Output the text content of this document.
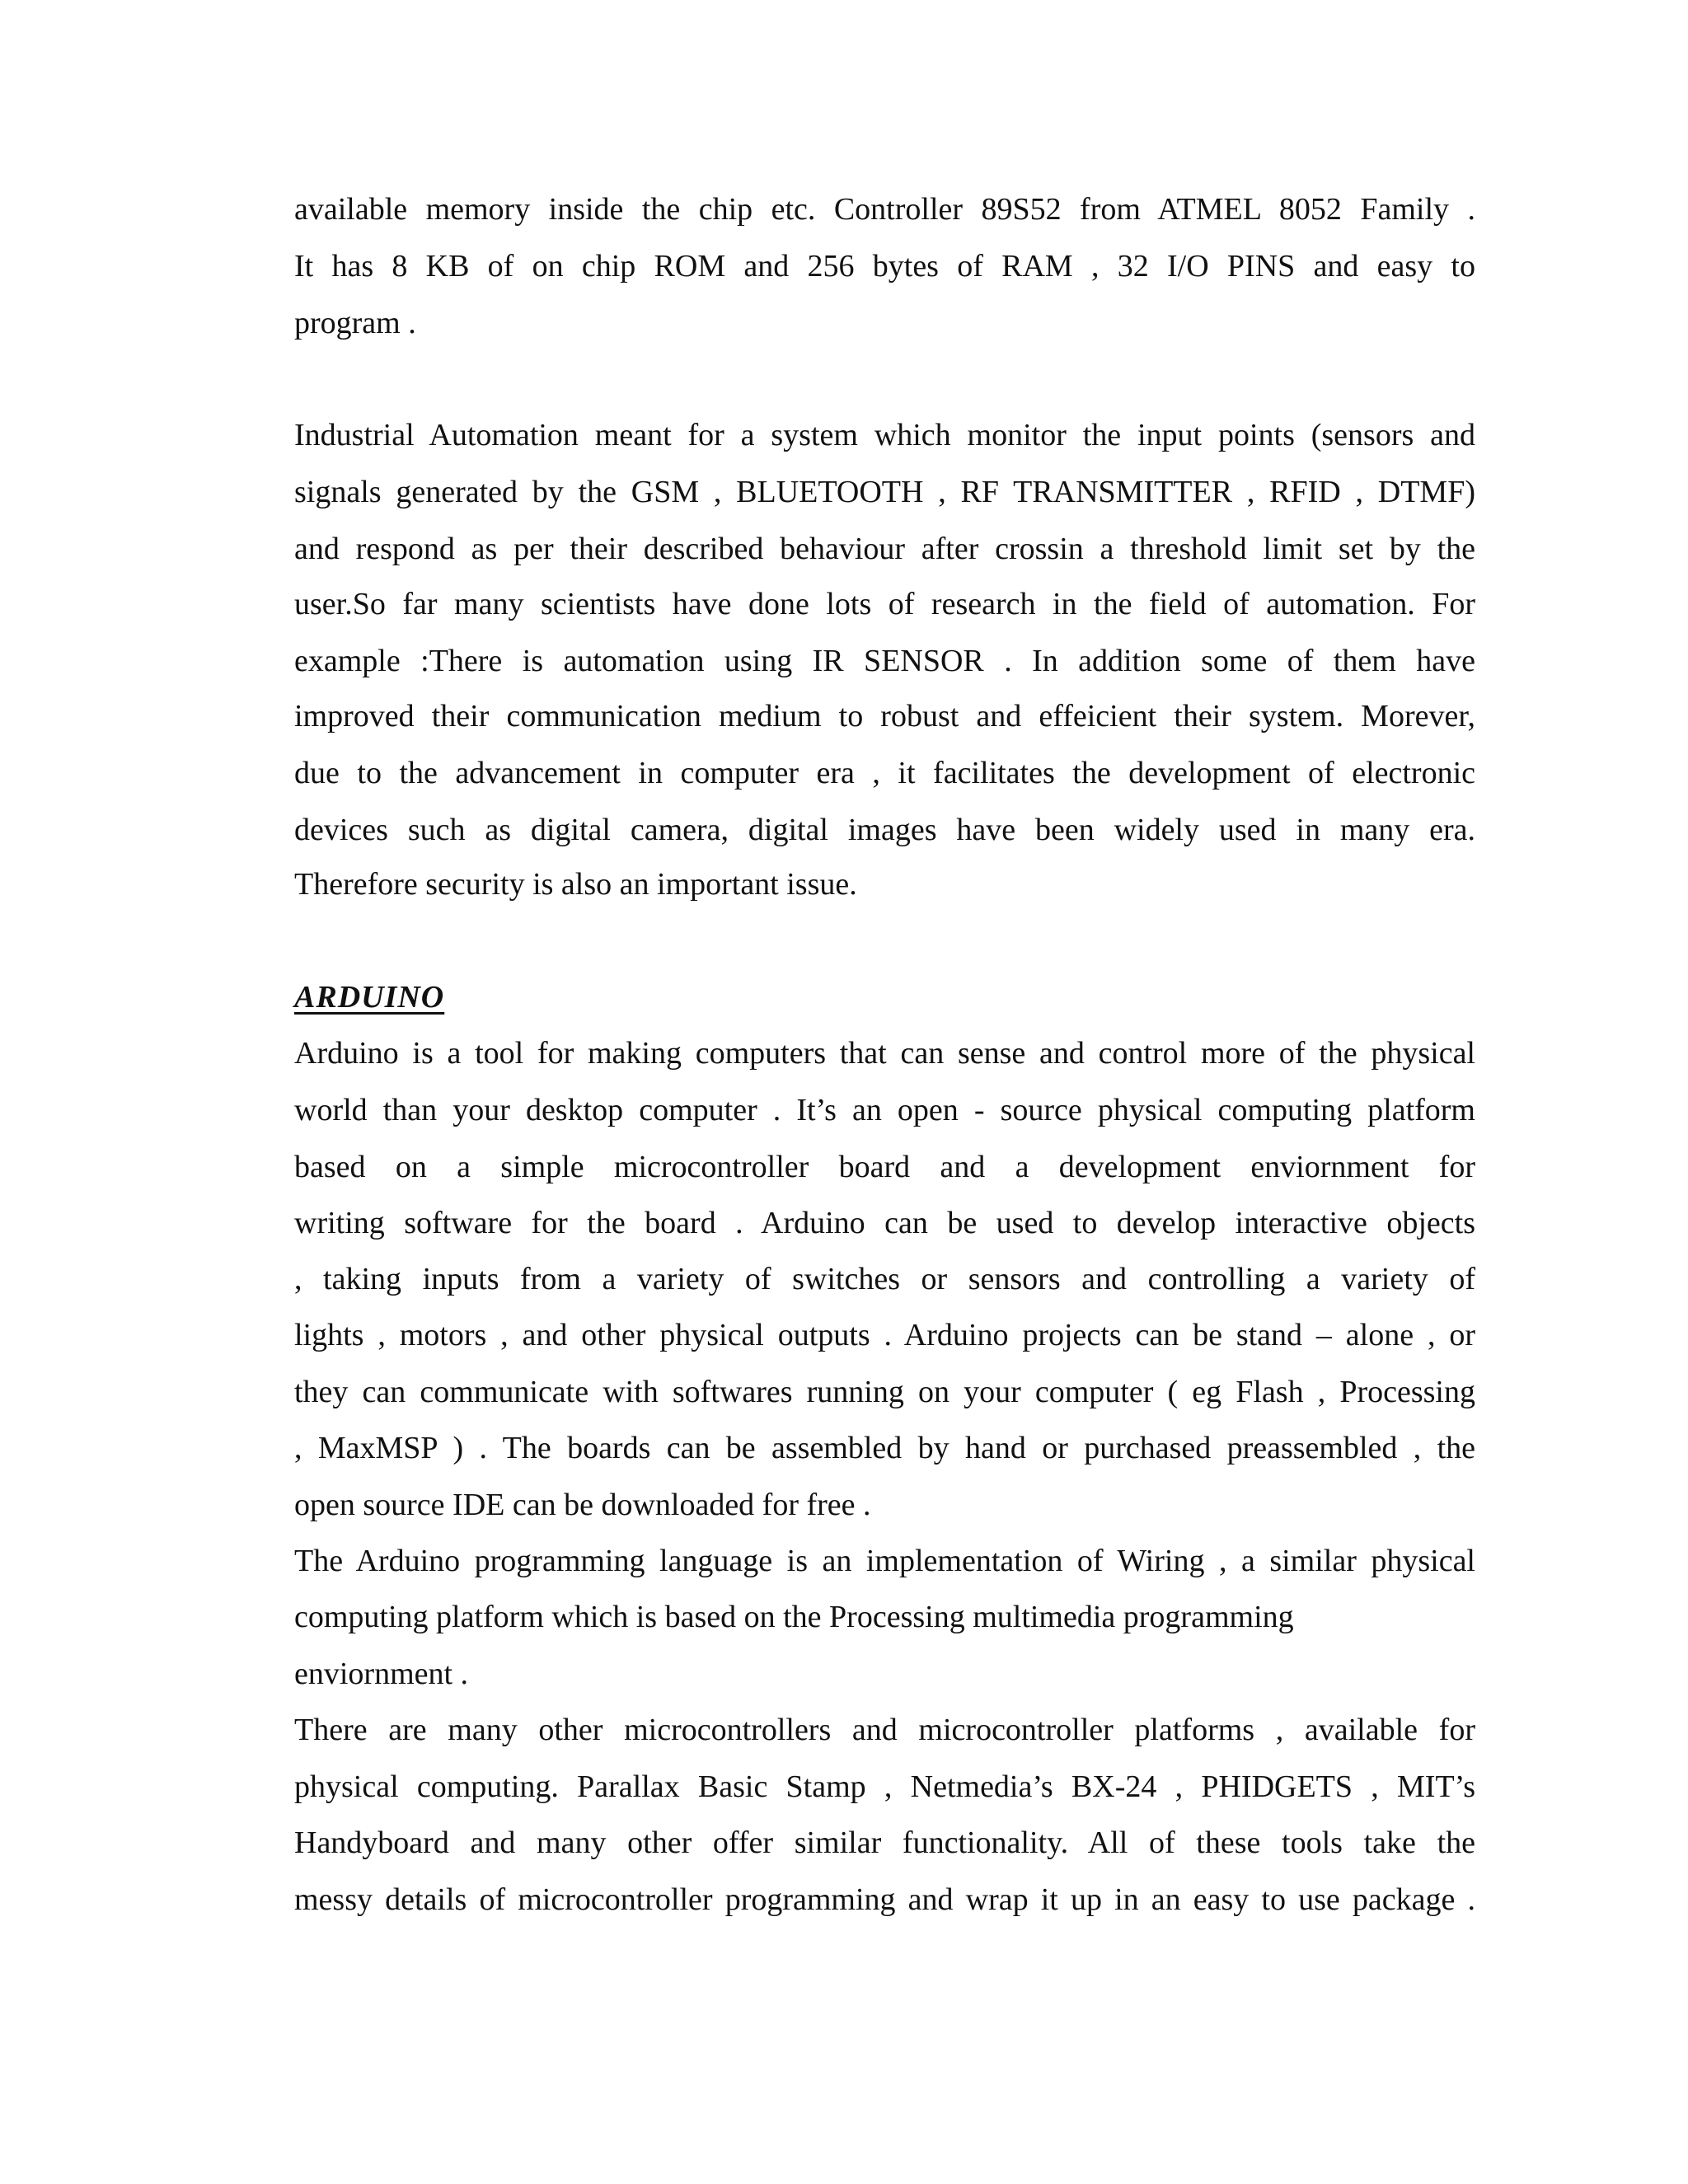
available memory inside the chip etc. Controller 89S52 from ATMEL 8052 Family .
It has 8 KB of on chip ROM and 256 bytes of RAM , 32 I/O PINS and easy to
program .
Industrial Automation meant for a system which monitor the input points (sensors and
signals generated by the GSM , BLUETOOTH , RF TRANSMITTER , RFID , DTMF)
and respond as per their described behaviour after crossin a threshold limit set by the
user.So far many scientists have done lots of research in the field of automation. For
example :There is automation using IR SENSOR . In addition some of them have
improved their communication medium to robust and effeicient their system. Morever,
due to the advancement in computer era , it facilitates the development of electronic
devices such as digital camera, digital images have been widely used in many era.
Therefore security is also an important issue.
ARDUINO
Arduino is a tool for making computers that can sense and control more of the physical
world than your desktop computer . It’s an open - source physical computing platform
based on a simple microcontroller board and a development enviornment for
writing software for the board . Arduino can be used to develop interactive objects
, taking inputs from a variety of switches or sensors and controlling a variety of
lights , motors , and other physical outputs . Arduino projects can be stand – alone , or
they can communicate with softwares running on your computer ( eg Flash , Processing
, MaxMSP ) . The boards can be assembled by hand or purchased preassembled , the
open source IDE can be downloaded for free .
The Arduino programming language is an implementation of Wiring , a similar physical
computing platform which is based on the Processing multimedia programming
enviornment .
There are many other microcontrollers and microcontroller platforms , available for
physical computing. Parallax Basic Stamp , Netmedia’s BX-24 , PHIDGETS , MIT’s
Handyboard and many other offer similar functionality. All of these tools take the
messy details of microcontroller programming and wrap it up in an easy to use package .
